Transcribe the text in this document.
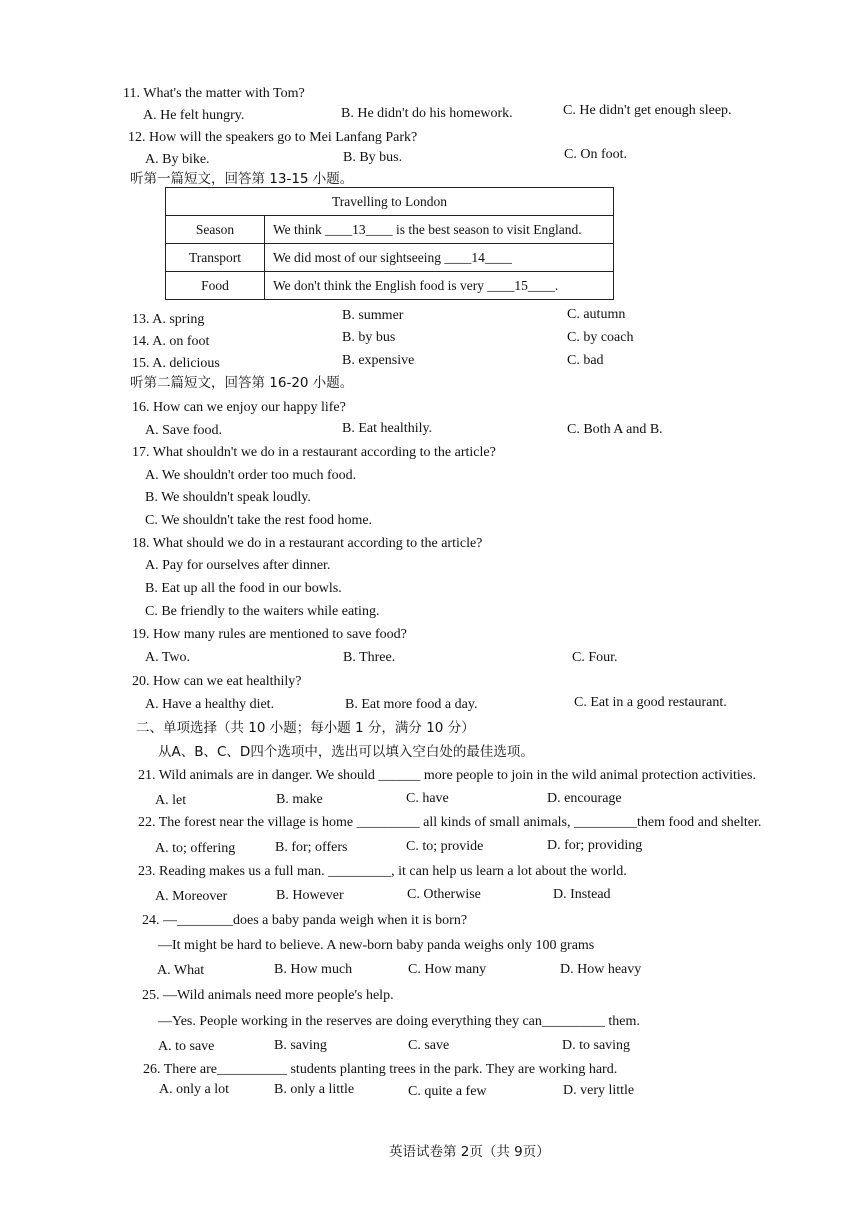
11. What's the matter with Tom?
A. He felt hungry.	B. He didn't do his homework.	C. He didn't get enough sleep.
12. How will the speakers go to Mei Lanfang Park?
A. By bike.	B. By bus.	C. On foot.
听第一篇短文，回答第 13-15 小题。
Travelling to London	
Season	We think ____13____ is the best season to visit England.
Transport	We did most of our sightseeing ____14____
Food	We don't think the English food is very ____15____.
13. A. spring	B. summer	C. autumn
14. A. on foot	B. by bus	C. by coach
15. A. delicious	B. expensive	C. bad
听第二篇短文，回答第 16-20 小题。
16. How can we enjoy our happy life?
A. Save food.	B. Eat healthily.	C. Both A and B.
17. What shouldn't we do in a restaurant according to the article?
A. We shouldn't order too much food.
B. We shouldn't speak loudly.
C. We shouldn't take the rest food home.
18. What should we do in a restaurant according to the article?
A. Pay for ourselves after dinner.
B. Eat up all the food in our bowls.
C. Be friendly to the waiters while eating.
19. How many rules are mentioned to save food?
A. Two.	B. Three.	C. Four.
20. How can we eat healthily?
A. Have a healthy diet.	B. Eat more food a day.	C. Eat in a good restaurant.
二、单项选择（共 10 小题；每小题 1 分，满分 10 分）
从A、B、C、D四个选项中，选出可以填入空白处的最佳选项。
21. Wild animals are in danger. We should ______ more people to join in the wild animal protection activities.
A. let	B. make	C. have	D. encourage
22. The forest near the village is home _________ all kinds of small animals, _________them food and shelter.
A. to; offering	B. for; offers	C. to; provide	D. for; providing
23. Reading makes us a full man. _________, it can help us learn a lot about the world.
A. Moreover	B. However	C. Otherwise	D. Instead
24. —________does a baby panda weigh when it is born?
—It might be hard to believe. A new-born baby panda weighs only 100 grams
A. What	B. How much	C. How many	D. How heavy
25. —Wild animals need more people's help.
—Yes. People working in the reserves are doing everything they can_________ them.
A. to save	B. saving	C. save	D. to saving
26. There are__________ students planting trees in the park. They are working hard.
A. only a lot	B. only a little	C. quite a few	D. very little
英语试卷第 2页（共 9页）
